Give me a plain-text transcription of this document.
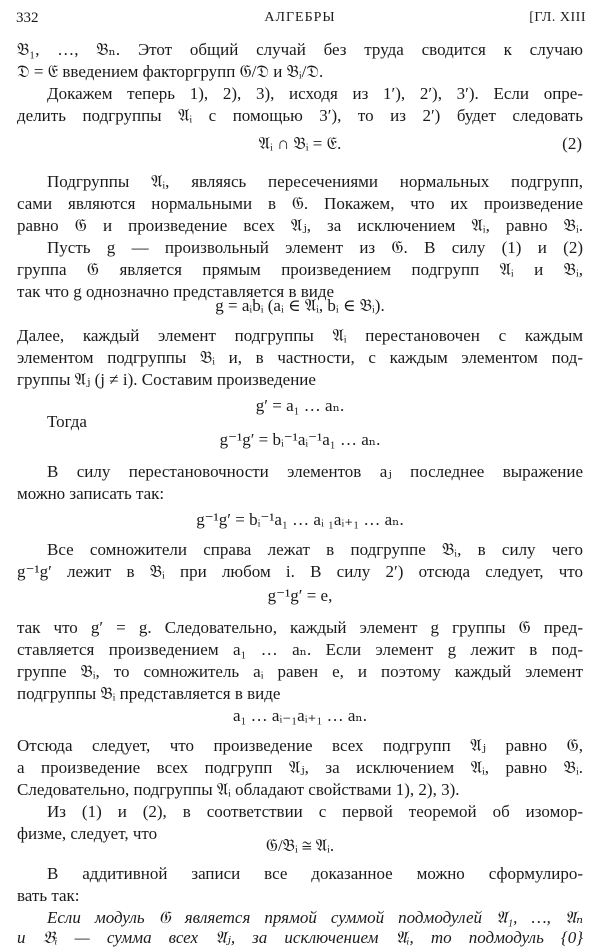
332	АЛГЕБРЫ	[ГЛ. XIII
𝔅₁, …, 𝔅ₙ. Этот общий случай без труда сводится к случаю
𝔇 = 𝔈 введением факторгрупп 𝔊/𝔇 и 𝔅ᵢ/𝔇.
Докажем теперь 1), 2), 3), исходя из 1′), 2′), 3′). Если опре-
делить подгруппы 𝔄ᵢ с помощью 3′), то из 2′) будет следовать
𝔄ᵢ ∩ 𝔅ᵢ = 𝔈.	(2)
Подгруппы 𝔄ᵢ, являясь пересечениями нормальных подгрупп,
сами являются нормальными в 𝔊. Покажем, что их произведение
равно 𝔊 и произведение всех 𝔄ⱼ, за исключением 𝔄ᵢ, равно 𝔅ᵢ.
Пусть g — произвольный элемент из 𝔊. В силу (1) и (2)
группа 𝔊 является прямым произведением подгрупп 𝔄ᵢ и 𝔅ᵢ,
так что g однозначно представляется в виде
g = aᵢbᵢ (aᵢ ∈ 𝔄ᵢ, bᵢ ∈ 𝔅ᵢ).
Далее, каждый элемент подгруппы 𝔄ᵢ перестановочен с каждым
элементом подгруппы 𝔅ᵢ и, в частности, с каждым элементом под-
группы 𝔄ⱼ (j ≠ i). Составим произведение
g′ = a₁ … aₙ.
Тогда
g⁻¹g′ = bᵢ⁻¹aᵢ⁻¹a₁ … aₙ.
В силу перестановочности элементов aⱼ последнее выражение
можно записать так:
g⁻¹g′ = bᵢ⁻¹a₁ … aᵢ ₁aᵢ₊₁ … aₙ.
Все сомножители справа лежат в подгруппе 𝔅ᵢ, в силу чего
g⁻¹g′ лежит в 𝔅ᵢ при любом i. В силу 2′) отсюда следует, что
g⁻¹g′ = e,
так что g′ = g. Следовательно, каждый элемент g группы 𝔊 пред-
ставляется произведением a₁ … aₙ. Если элемент g лежит в под-
группе 𝔅ᵢ, то сомножитель aᵢ равен e, и поэтому каждый элемент
подгруппы 𝔅ᵢ представляется в виде
a₁ … aᵢ₋₁aᵢ₊₁ … aₙ.
Отсюда следует, что произведение всех подгрупп 𝔄ⱼ равно 𝔊,
а произведение всех подгрупп 𝔄ⱼ, за исключением 𝔄ᵢ, равно 𝔅ᵢ.
Следовательно, подгруппы 𝔄ᵢ обладают свойствами 1), 2), 3).
Из (1) и (2), в соответствии с первой теоремой об изомор-
физме, следует, что
𝔊/𝔅ᵢ ≅ 𝔄ᵢ.
В аддитивной записи все доказанное можно сформулиро-
вать так:
Если модуль 𝔊 является прямой суммой подмодулей 𝔄₁, …, 𝔄ₙ
и 𝔅ᵢ — сумма всех 𝔄ⱼ, за исключением 𝔄ᵢ, то подмодуль {0}
